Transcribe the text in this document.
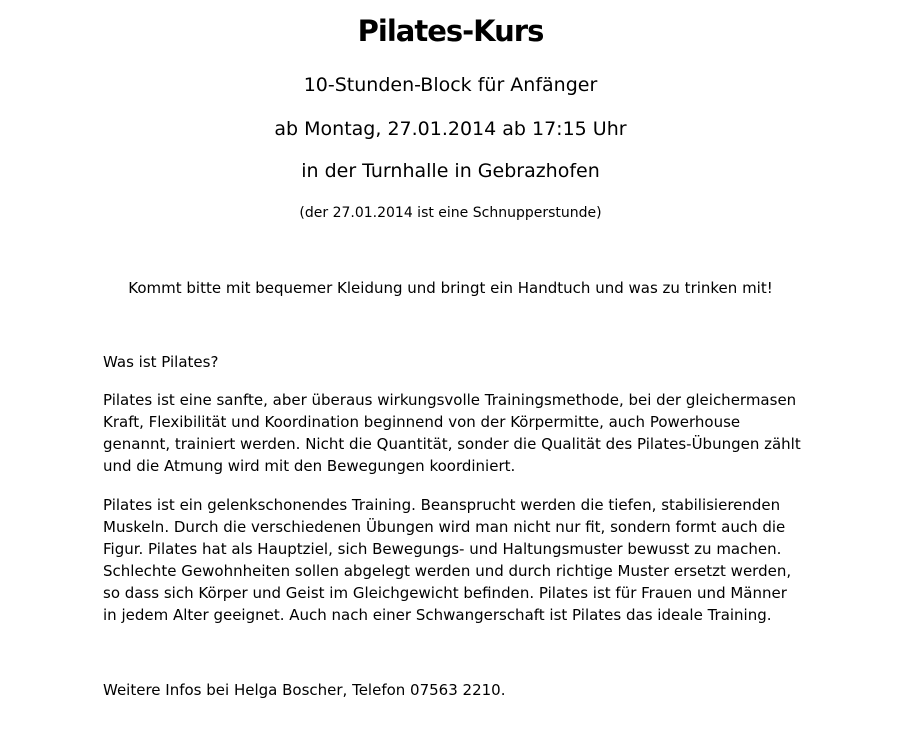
Pilates-Kurs

10-Stunden-Block für Anfänger

ab Montag, 27.01.2014 ab 17:15 Uhr

in der Turnhalle in Gebrazhofen

(der 27.01.2014 ist eine Schnupperstunde)

Kommt bitte mit bequemer Kleidung und bringt ein Handtuch und was zu trinken mit!

Was ist Pilates?

Pilates ist eine sanfte, aber überaus wirkungsvolle Trainingsmethode, bei der gleichermasen Kraft, Flexibilität und Koordination beginnend von der Körpermitte, auch Powerhouse genannt, trainiert werden. Nicht die Quantität, sonder die Qualität des Pilates-Übungen zählt und die Atmung wird mit den Bewegungen koordiniert.

Pilates ist ein gelenkschonendes Training. Beansprucht werden die tiefen, stabilisierenden Muskeln. Durch die verschiedenen Übungen wird man nicht nur fit, sondern formt auch die Figur. Pilates hat als Hauptziel, sich Bewegungs- und Haltungsmuster bewusst zu machen. Schlechte Gewohnheiten sollen abgelegt werden und durch richtige Muster ersetzt werden, so dass sich Körper und Geist im Gleichgewicht befinden. Pilates ist für Frauen und Männer in jedem Alter geeignet. Auch nach einer Schwangerschaft ist Pilates das ideale Training.

Weitere Infos bei Helga Boscher, Telefon 07563 2210.
